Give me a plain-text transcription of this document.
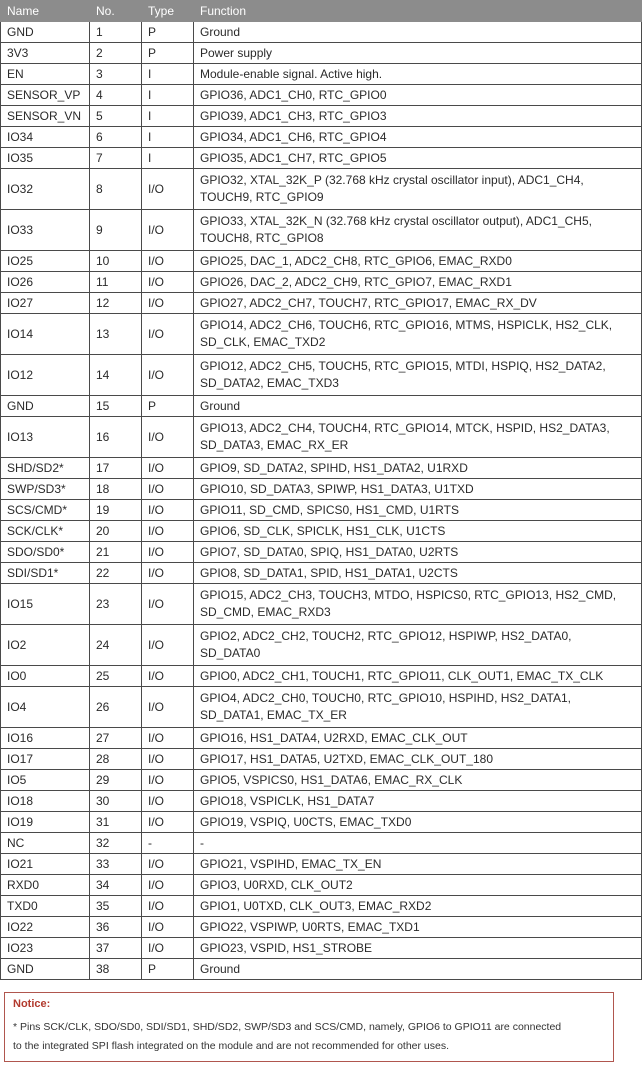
Name	No.	Type	Function
GND	1	P	Ground

3V3	2	P	Power supply

EN	3	I	Module-enable signal. Active high.

SENSOR_VP	4	I	GPIO36, ADC1_CH0, RTC_GPIO0

SENSOR_VN	5	I	GPIO39, ADC1_CH3, RTC_GPIO3

IO34	6	I	GPIO34, ADC1_CH6, RTC_GPIO4

IO35	7	I	GPIO35, ADC1_CH7, RTC_GPIO5

IO32	8	I/O	GPIO32, XTAL_32K_P (32.768 kHz crystal oscillator input), ADC1_CH4,
TOUCH9, RTC_GPIO9

IO33	9	I/O	GPIO33, XTAL_32K_N (32.768 kHz crystal oscillator output), ADC1_CH5,
TOUCH8, RTC_GPIO8

IO25	10	I/O	GPIO25, DAC_1, ADC2_CH8, RTC_GPIO6, EMAC_RXD0

IO26	11	I/O	GPIO26, DAC_2, ADC2_CH9, RTC_GPIO7, EMAC_RXD1

IO27	12	I/O	GPIO27, ADC2_CH7, TOUCH7, RTC_GPIO17, EMAC_RX_DV

IO14	13	I/O	GPIO14, ADC2_CH6, TOUCH6, RTC_GPIO16, MTMS, HSPICLK, HS2_CLK,
SD_CLK, EMAC_TXD2

IO12	14	I/O	GPIO12, ADC2_CH5, TOUCH5, RTC_GPIO15, MTDI, HSPIQ, HS2_DATA2,
SD_DATA2, EMAC_TXD3

GND	15	P	Ground

IO13	16	I/O	GPIO13, ADC2_CH4, TOUCH4, RTC_GPIO14, MTCK, HSPID, HS2_DATA3,
SD_DATA3, EMAC_RX_ER

SHD/SD2*	17	I/O	GPIO9, SD_DATA2, SPIHD, HS1_DATA2, U1RXD

SWP/SD3*	18	I/O	GPIO10, SD_DATA3, SPIWP, HS1_DATA3, U1TXD

SCS/CMD*	19	I/O	GPIO11, SD_CMD, SPICS0, HS1_CMD, U1RTS

SCK/CLK*	20	I/O	GPIO6, SD_CLK, SPICLK, HS1_CLK, U1CTS

SDO/SD0*	21	I/O	GPIO7, SD_DATA0, SPIQ, HS1_DATA0, U2RTS

SDI/SD1*	22	I/O	GPIO8, SD_DATA1, SPID, HS1_DATA1, U2CTS

IO15	23	I/O	GPIO15, ADC2_CH3, TOUCH3, MTDO, HSPICS0, RTC_GPIO13, HS2_CMD,
SD_CMD, EMAC_RXD3

IO2	24	I/O	GPIO2, ADC2_CH2, TOUCH2, RTC_GPIO12, HSPIWP, HS2_DATA0,
SD_DATA0

IO0	25	I/O	GPIO0, ADC2_CH1, TOUCH1, RTC_GPIO11, CLK_OUT1, EMAC_TX_CLK

IO4	26	I/O	GPIO4, ADC2_CH0, TOUCH0, RTC_GPIO10, HSPIHD, HS2_DATA1,
SD_DATA1, EMAC_TX_ER

IO16	27	I/O	GPIO16, HS1_DATA4, U2RXD, EMAC_CLK_OUT

IO17	28	I/O	GPIO17, HS1_DATA5, U2TXD, EMAC_CLK_OUT_180

IO5	29	I/O	GPIO5, VSPICS0, HS1_DATA6, EMAC_RX_CLK

IO18	30	I/O	GPIO18, VSPICLK, HS1_DATA7

IO19	31	I/O	GPIO19, VSPIQ, U0CTS, EMAC_TXD0

NC	32	-	-

IO21	33	I/O	GPIO21, VSPIHD, EMAC_TX_EN

RXD0	34	I/O	GPIO3, U0RXD, CLK_OUT2

TXD0	35	I/O	GPIO1, U0TXD, CLK_OUT3, EMAC_RXD2

IO22	36	I/O	GPIO22, VSPIWP, U0RTS, EMAC_TXD1

IO23	37	I/O	GPIO23, VSPID, HS1_STROBE

GND	38	P	Ground
Notice:
* Pins SCK/CLK, SDO/SD0, SDI/SD1, SHD/SD2, SWP/SD3 and SCS/CMD, namely, GPIO6 to GPIO11 are connected
to the integrated SPI flash integrated on the module and are not recommended for other uses.
